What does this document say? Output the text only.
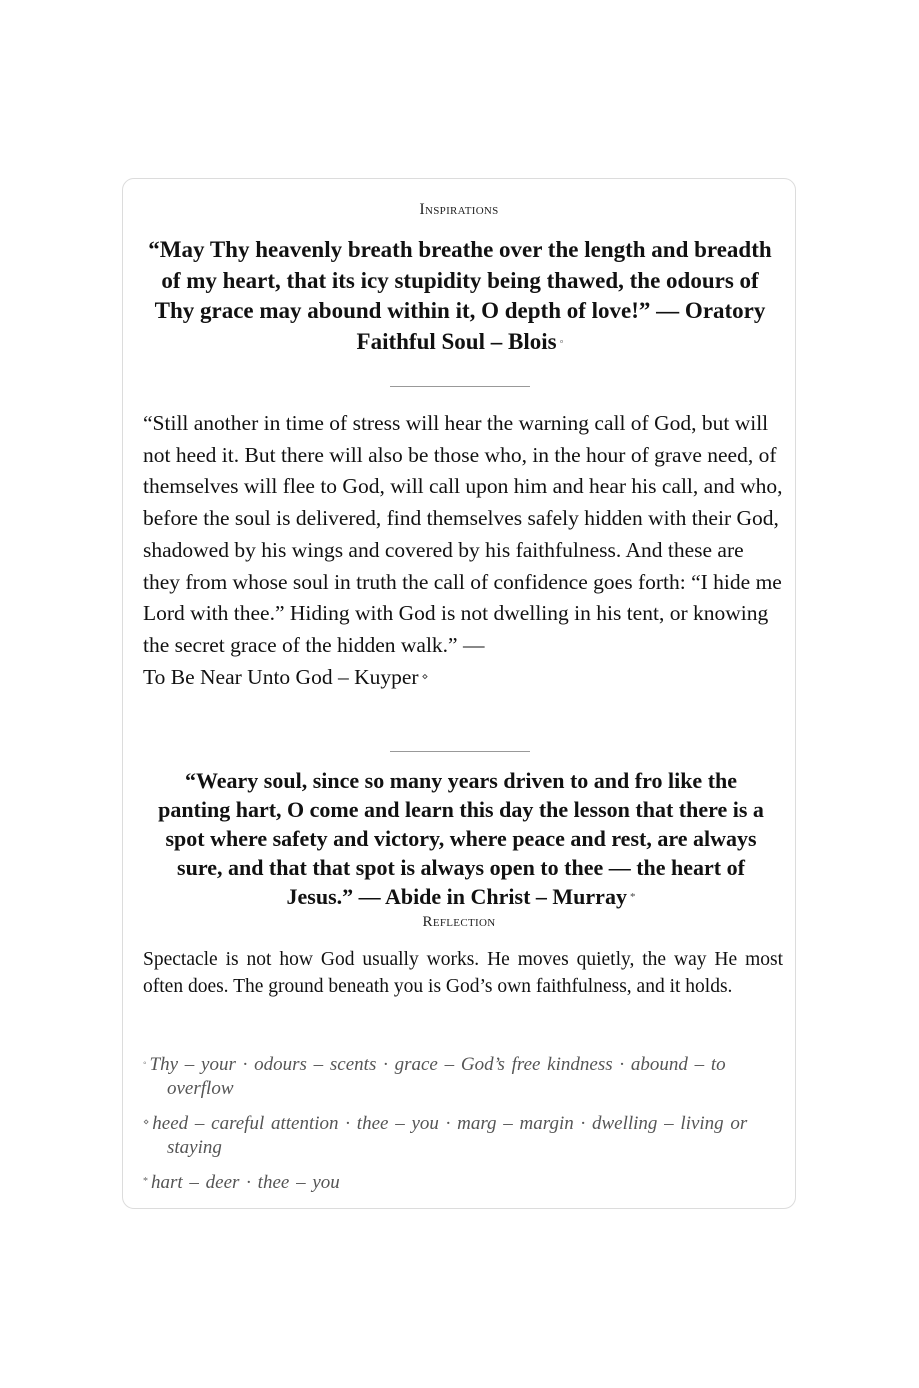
Inspirations
“May Thy heavenly breath breathe over the length and breadth of my heart, that its icy stupidity being thawed, the odours of Thy grace may abound within it, O depth of love!” — Oratory Faithful Soul – Blois ◦
“Still another in time of stress will hear the warning call of God, but will not heed it. But there will also be those who, in the hour of grave need, of themselves will flee to God, will call upon him and hear his call, and who, before the soul is delivered, find themselves safely hidden with their God, shadowed by his wings and covered by his faithfulness. And these are they from whose soul in truth the call of confidence goes forth: “I hide me Lord with thee.” Hiding with God is not dwelling in his tent, or knowing the secret grace of the hidden walk.” —
To Be Near Unto God – Kuyper ⋄
“Weary soul, since so many years driven to and fro like the panting hart, O come and learn this day the lesson that there is a spot where safety and victory, where peace and rest, are always sure, and that that spot is always open to thee — the heart of Jesus.” — Abide in Christ – Murray *
Reflection
Spectacle is not how God usually works. He moves quietly, the way He most often does. The ground beneath you is God’s own faithfulness, and it holds.
◦ Thy – your · odours – scents · grace – God’s free kindness · abound – to overflow
⋄ heed – careful attention · thee – you · marg – margin · dwelling – living or staying
* hart – deer · thee – you
